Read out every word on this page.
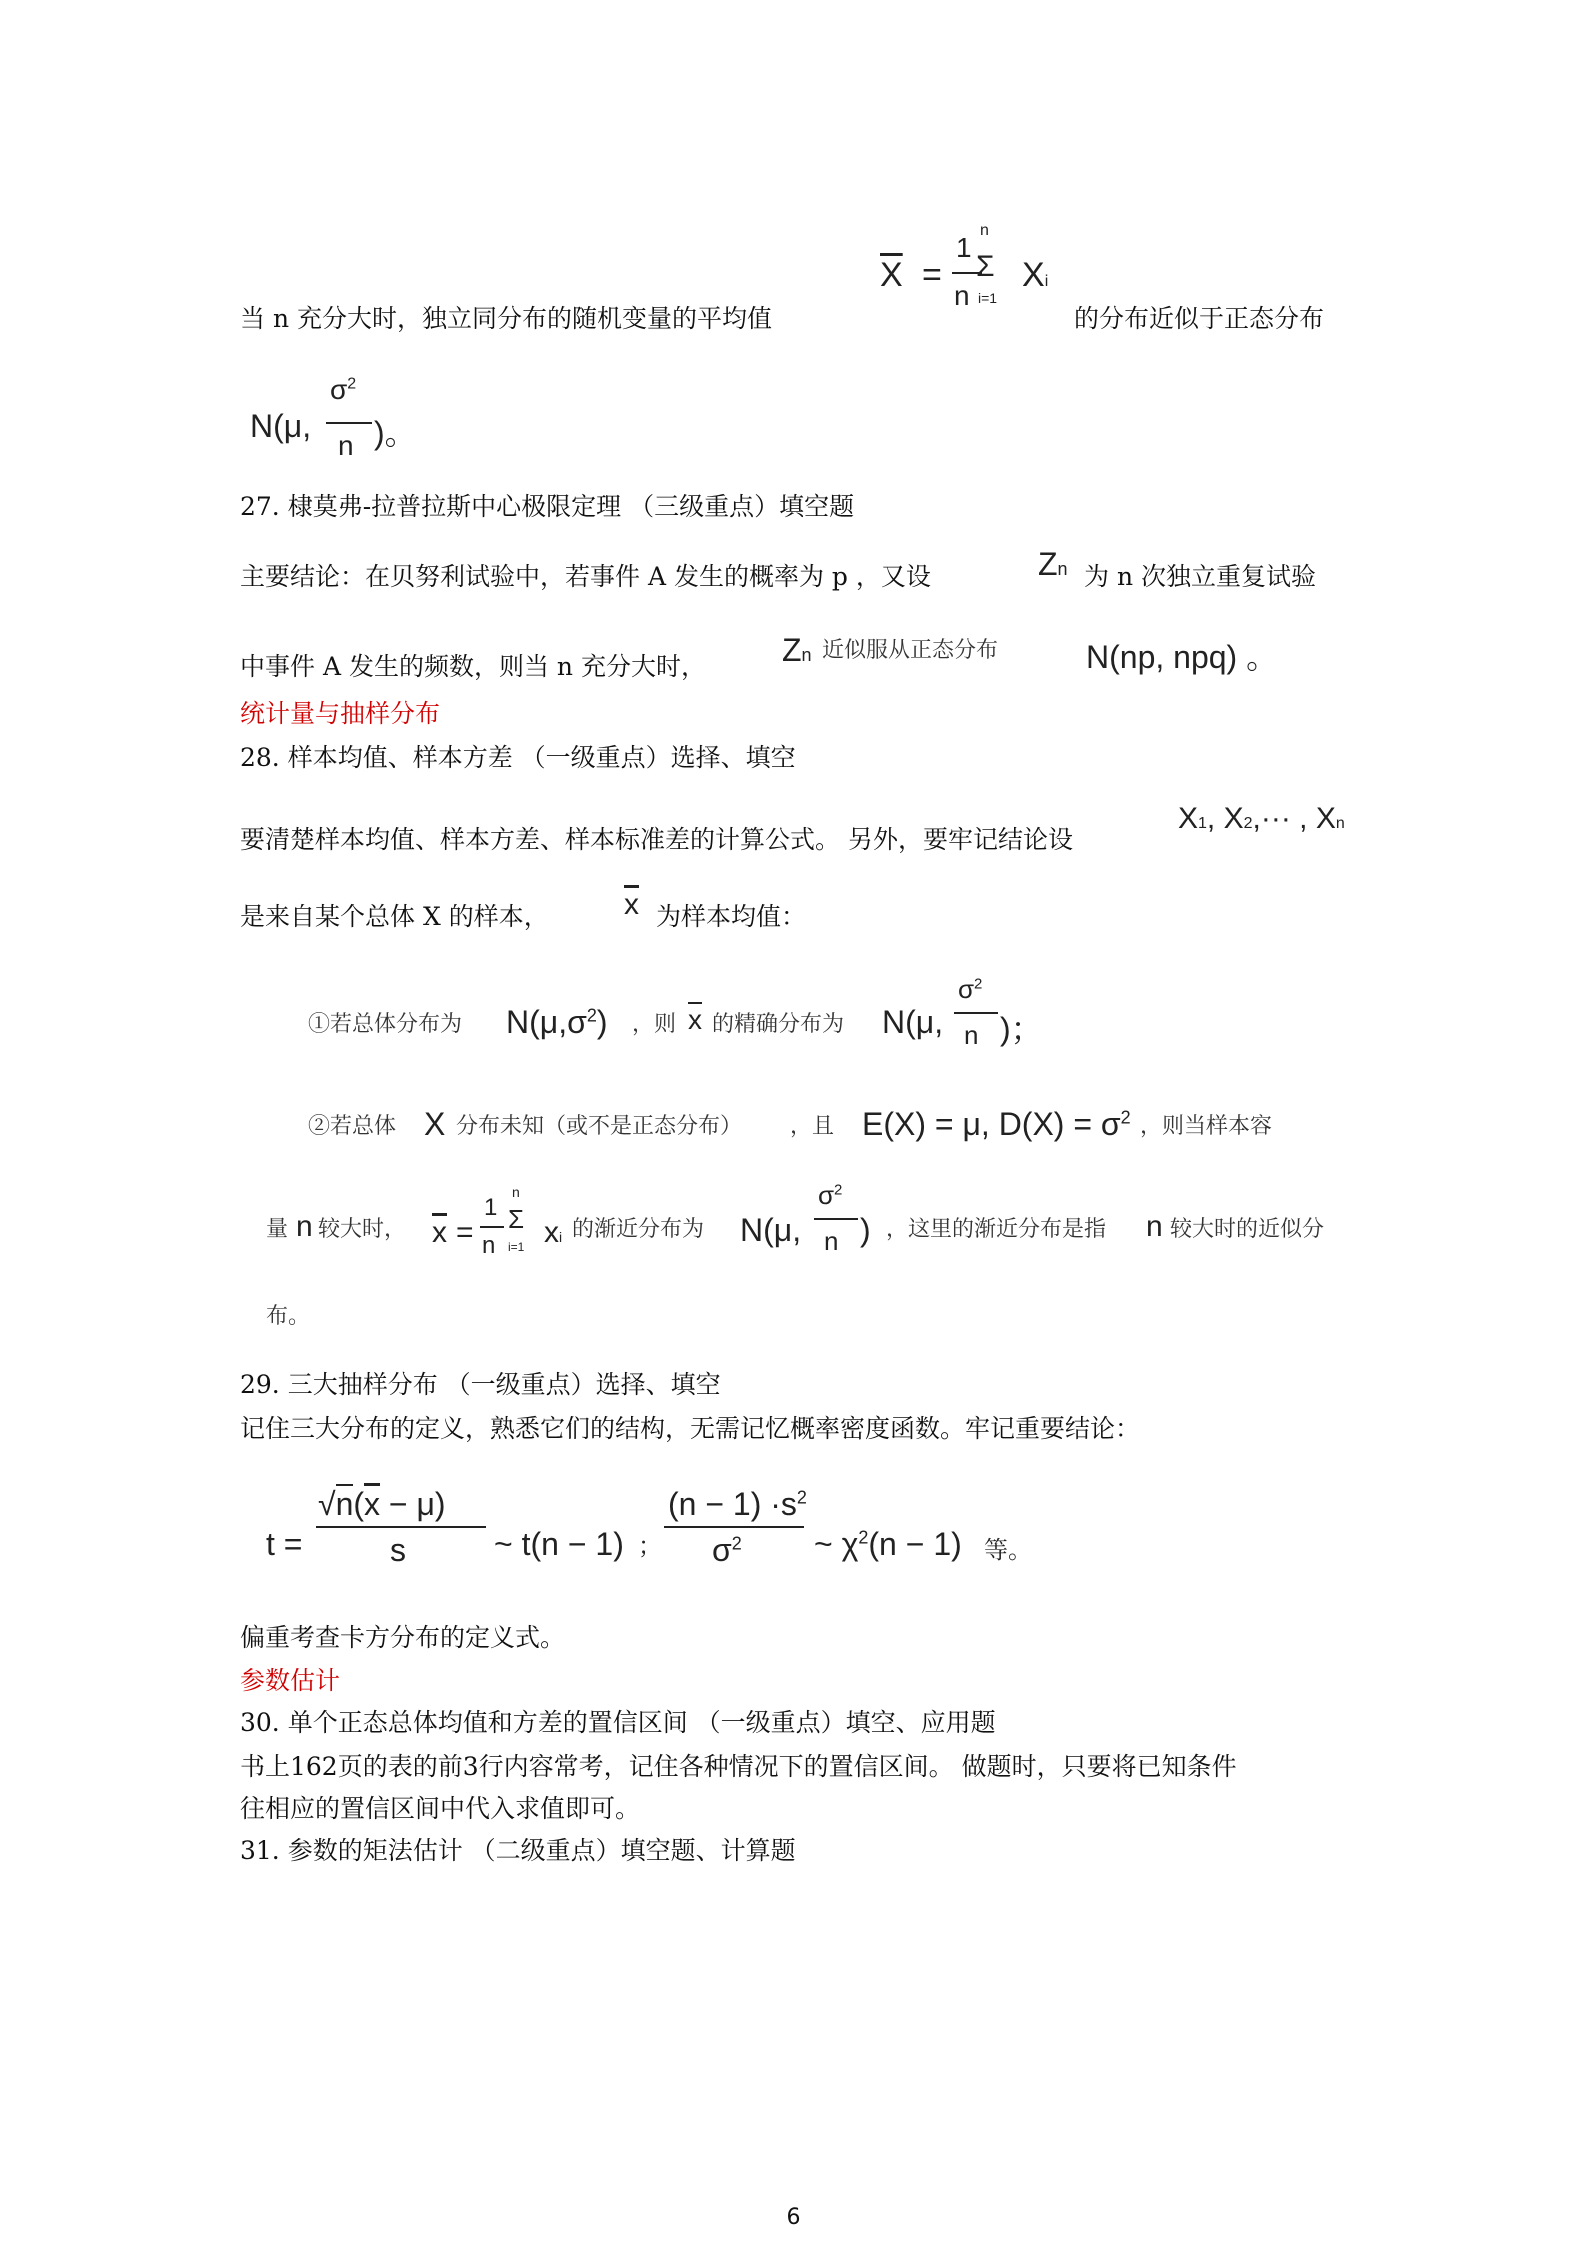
当 n 充分大时，独立同分布的随机变量的平均值
$\overline{X}$ =
1
n
n
Σ
i=1
Xi
的分布近似于正态分布
N(μ,
$\sigma^2$
n )。
27. 棣莫弗-拉普拉斯中心极限定理 （三级重点）填空题
主要结论：在贝努利试验中，若事件 A 发生的概率为 p ，又设	Zn 为 n 次独立重复试验
中事件 A 发生的频数，则当 n 充分大时， Zn 近似服从正态分布	N(np, npq) 。
统计量与抽样分布
28. 样本均值、样本方差 （一级重点）选择、填空
要清楚样本均值、样本方差、样本标准差的计算公式。 另外，要牢记结论设
X1, X2,··· , Xn
是来自某个总体 X 的样本，	$\overline{x}$ 为样本均值：
①若总体分布为 $N(\mu,\sigma^2)$ ，则 $\overline{x}$ 的精确分布为 N(μ,
$\sigma^2$
n )；
②若总体 X 分布未知（或不是正态分布） ，且 E(X) = μ, $D(X) = \sigma^2$ ，则当样本容
量 n 较大时， $\overline{x}$ =
1
n
n
Σ
i=1 xi 的渐近分布为 N(μ,
$\sigma^2$
n ) ，这里的渐近分布是指 n 较大时的近似分
布。
29. 三大抽样分布 （一级重点）选择、填空
记住三大分布的定义，熟悉它们的结构，无需记忆概率密度函数。牢记重要结论：
t =
$√n(\overline{x} - \mu)$
s	~ t(n − 1) ；
$(n - 1) \cdot s^2$
$\sigma^2$ ~ $\chi^2(n - 1)$ 等。
偏重考查卡方分布的定义式。
参数估计
30. 单个正态总体均值和方差的置信区间 （一级重点）填空、应用题
书上162页的表的前3行内容常考，记住各种情况下的置信区间。 做题时，只要将已知条件
往相应的置信区间中代入求值即可。
31. 参数的矩法估计 （二级重点）填空题、计算题
6
